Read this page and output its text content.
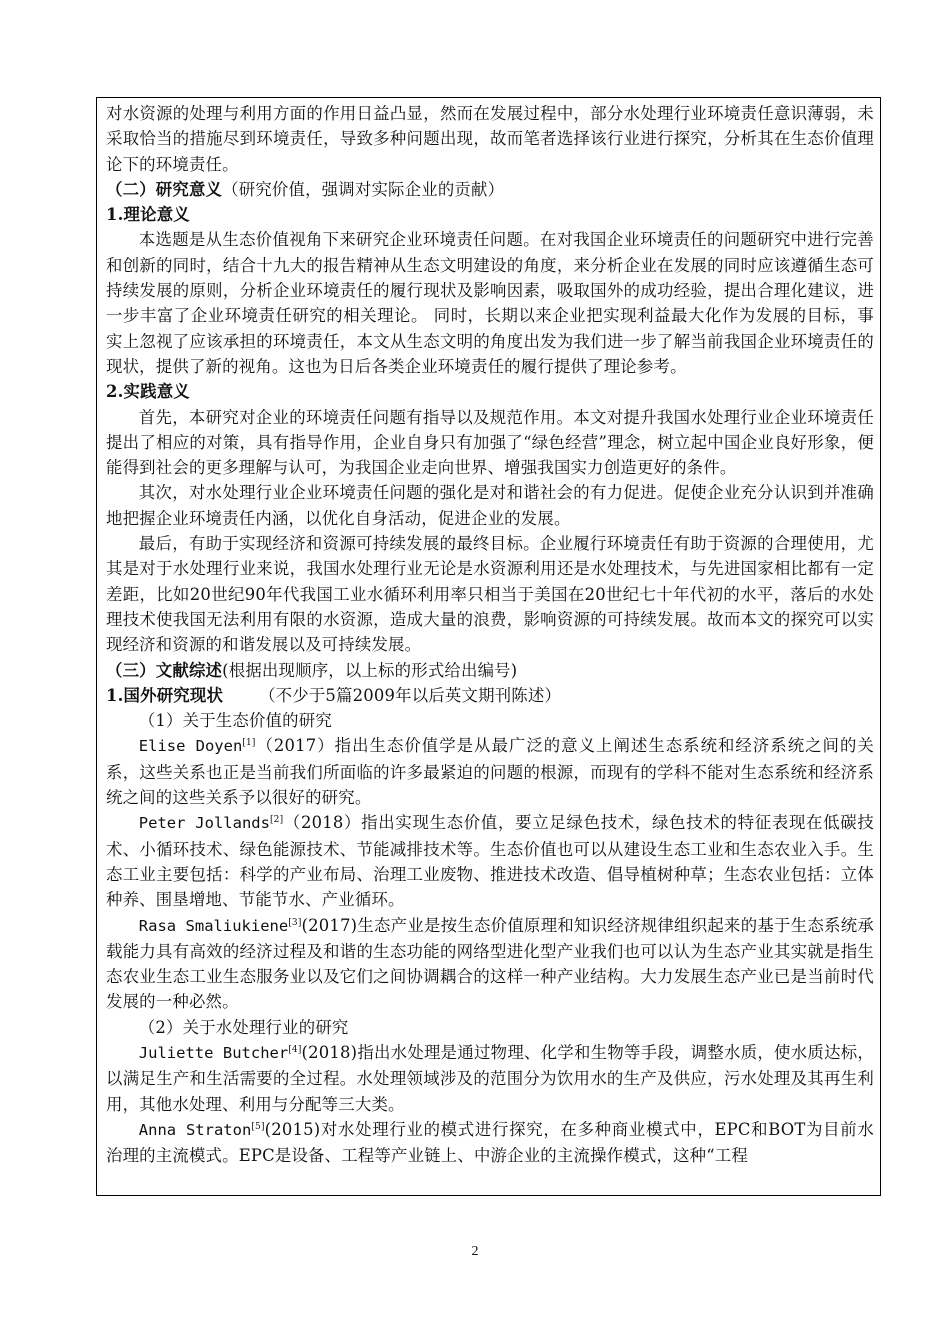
对水资源的处理与利用方面的作用日益凸显，然而在发展过程中，部分水处理行业环境责任意识薄弱，未采取恰当的措施尽到环境责任，导致多种问题出现，故而笔者选择该行业进行探究，分析其在生态价值理论下的环境责任。

（二）研究意义（研究价值，强调对实际企业的贡献）

1.理论意义

本选题是从生态价值视角下来研究企业环境责任问题。在对我国企业环境责任的问题研究中进行完善和创新的同时，结合十九大的报告精神从生态文明建设的角度，来分析企业在发展的同时应该遵循生态可持续发展的原则，分析企业环境责任的履行现状及影响因素，吸取国外的成功经验，提出合理化建议，进一步丰富了企业环境责任研究的相关理论。 同时，长期以来企业把实现利益最大化作为发展的目标，事实上忽视了应该承担的环境责任，本文从生态文明的角度出发为我们进一步了解当前我国企业环境责任的现状，提供了新的视角。这也为日后各类企业环境责任的履行提供了理论参考。

2.实践意义

首先，本研究对企业的环境责任问题有指导以及规范作用。本文对提升我国水处理行业企业环境责任提出了相应的对策，具有指导作用，企业自身只有加强了“绿色经营”理念，树立起中国企业良好形象，便能得到社会的更多理解与认可，为我国企业走向世界、增强我国实力创造更好的条件。

其次，对水处理行业企业环境责任问题的强化是对和谐社会的有力促进。促使企业充分认识到并准确地把握企业环境责任内涵，以优化自身活动，促进企业的发展。

最后，有助于实现经济和资源可持续发展的最终目标。企业履行环境责任有助于资源的合理使用，尤其是对于水处理行业来说，我国水处理行业无论是水资源利用还是水处理技术，与先进国家相比都有一定差距，比如20世纪90年代我国工业水循环利用率只相当于美国在20世纪七十年代初的水平，落后的水处理技术使我国无法利用有限的水资源，造成大量的浪费，影响资源的可持续发展。故而本文的探究可以实现经济和资源的和谐发展以及可持续发展。

（三）文献综述(根据出现顺序，以上标的形式给出编号)

1.国外研究现状 （不少于5篇2009年以后英文期刊陈述）

（1）关于生态价值的研究

Elise Doyen[1]（2017）指出生态价值学是从最广泛的意义上阐述生态系统和经济系统之间的关系，这些关系也正是当前我们所面临的许多最紧迫的问题的根源，而现有的学科不能对生态系统和经济系统之间的这些关系予以很好的研究。

Peter Jollands[2]（2018）指出实现生态价值，要立足绿色技术，绿色技术的特征表现在低碳技术、小循环技术、绿色能源技术、节能减排技术等。生态价值也可以从建设生态工业和生态农业入手。生态工业主要包括：科学的产业布局、治理工业废物、推进技术改造、倡导植树种草；生态农业包括：立体种养、围垦增地、节能节水、产业循环。

Rasa Smaliukiene[3](2017)生态产业是按生态价值原理和知识经济规律组织起来的基于生态系统承载能力具有高效的经济过程及和谐的生态功能的网络型进化型产业我们也可以认为生态产业其实就是指生态农业生态工业生态服务业以及它们之间协调耦合的这样一种产业结构。大力发展生态产业已是当前时代发展的一种必然。

（2）关于水处理行业的研究

Juliette Butcher[4](2018)指出水处理是通过物理、化学和生物等手段，调整水质，使水质达标，以满足生产和生活需要的全过程。水处理领域涉及的范围分为饮用水的生产及供应，污水处理及其再生利用，其他水处理、利用与分配等三大类。

Anna Straton[5](2015)对水处理行业的模式进行探究，在多种商业模式中，EPC和BOT为目前水治理的主流模式。EPC是设备、工程等产业链上、中游企业的主流操作模式，这种“工程

2
